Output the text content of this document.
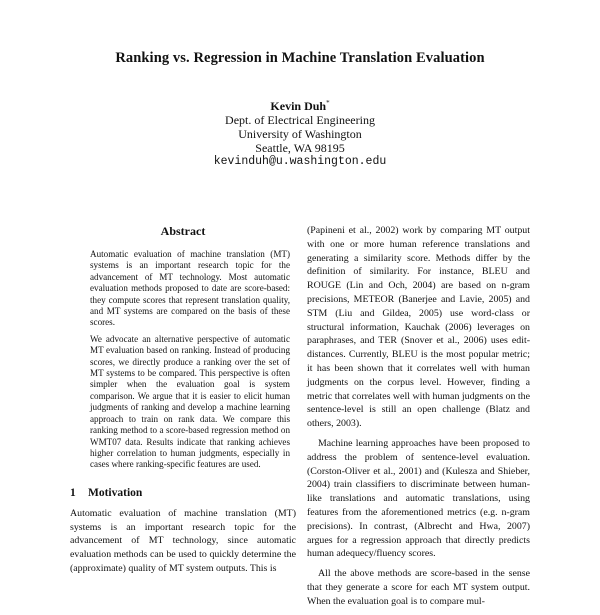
Ranking vs. Regression in Machine Translation Evaluation
Kevin Duh*
Dept. of Electrical Engineering
University of Washington
Seattle, WA 98195
kevinduh@u.washington.edu
Abstract

Automatic evaluation of machine translation (MT) systems is an important research topic for the advancement of MT technology. Most automatic evaluation methods proposed to date are score-based: they compute scores that represent translation quality, and MT systems are compared on the basis of these scores.

We advocate an alternative perspective of automatic MT evaluation based on ranking. Instead of producing scores, we directly produce a ranking over the set of MT systems to be compared. This perspective is often simpler when the evaluation goal is system comparison. We argue that it is easier to elicit human judgments of ranking and develop a machine learning approach to train on rank data. We compare this ranking method to a score-based regression method on WMT07 data. Results indicate that ranking achieves higher correlation to human judgments, especially in cases where ranking-specific features are used.

1 Motivation

Automatic evaluation of machine translation (MT) systems is an important research topic for the advancement of MT technology, since automatic evaluation methods can be used to quickly determine the (approximate) quality of MT system outputs. This is

(Papineni et al., 2002) work by comparing MT output with one or more human reference translations and generating a similarity score. Methods differ by the definition of similarity. For instance, BLEU and ROUGE (Lin and Och, 2004) are based on n-gram precisions, METEOR (Banerjee and Lavie, 2005) and STM (Liu and Gildea, 2005) use word-class or structural information, Kauchak (2006) leverages on paraphrases, and TER (Snover et al., 2006) uses edit-distances. Currently, BLEU is the most popular metric; it has been shown that it correlates well with human judgments on the corpus level. However, finding a metric that correlates well with human judgments on the sentence-level is still an open challenge (Blatz and others, 2003).

Machine learning approaches have been proposed to address the problem of sentence-level evaluation. (Corston-Oliver et al., 2001) and (Kulesza and Shieber, 2004) train classifiers to discriminate between human-like translations and automatic translations, using features from the aforementioned metrics (e.g. n-gram precisions). In contrast, (Albrecht and Hwa, 2007) argues for a regression approach that directly predicts human adequecy/fluency scores.

All the above methods are score-based in the sense that they generate a score for each MT system output. When the evaluation goal is to compare mul-
